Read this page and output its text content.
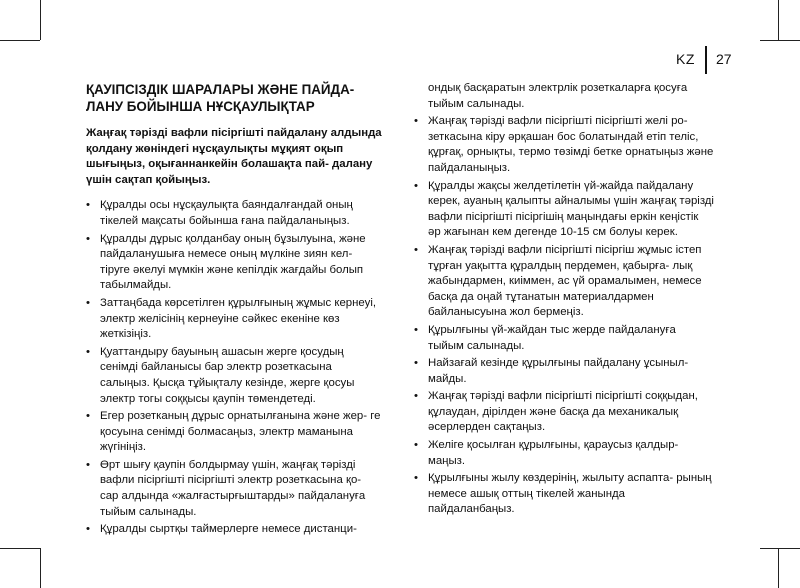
KZ 27
ҚАУІПСІЗДІК ШАРАЛАРЫ ЖӘНЕ ПАЙДА- ЛАНУ БОЙЫНША НҰСҚАУЛЫҚТАР
Жаңғақ тәрізді вафли пісіргішті пайдалану алдында қолдану жөніндегі нұсқаулықты мұқият оқып шығыңыз, оқығаннанкейін болашақта пай- далану үшін сақтап қойыңыз.
• Құралды осы нұсқаулықта баяндалғандай оның тікелей мақсаты бойынша ғана пайдаланыңыз.
• Құралды дұрыс қолданбау оның бұзылуына, және пайдаланушыға немесе оның мүлкіне зиян кел- тіруге әкелуі мүмкін және кепілдік жағдайы болып табылмайды.
• Заттаңбада көрсетілген құрылғының жұмыс кернеуі, электр желісінің кернеуіне сәйкес екеніне көз жеткізіңіз.
• Қуаттандыру бауының ашасын жерге қосудың сенімді байланысы бар электр розеткасына салыңыз. Қысқа тұйықталу кезінде, жерге қосуы электр тогы соққысы қаупін төмендетеді.
• Егер розетканың дұрыс орнатылғанына және жер- ге қосуына сенімді болмасаңыз, электр маманына жүгініңіз.
• Өрт шығу қаупін болдырмау үшін, жаңғақ тәрізді вафли пісіргішті пісіргішті электр розеткасына қо- сар алдында «жалғастырғыштарды» пайдалануға тыйым салынады.
• Құралды сыртқы таймерлерге немесе дистанци-
ондық басқаратын электрлік розеткаларға қосуға тыйым салынады.
• Жаңғақ тәрізді вафли пісіргішті пісіргішті желі ро- зеткасына кіру әрқашан бос болатындай етіп теліс, құрғақ, орнықты, термо төзімді бетке орнатыңыз және пайдаланыңыз.
• Құралды жақсы желдетілетін үй-жайда пайдалану керек, ауаның қалыпты айналымы үшін жаңғақ тәрізді вафли пісіргішті пісіргішің маңындағы еркін кеңістік әр жағынан кем дегенде 10-15 см болуы керек.
• Жаңғақ тәрізді вафли пісіргішті пісіргіш жұмыс істеп тұрған уақытта құралдың пердемен, қабырға- лық жабындармен, киіммен, ас үй орамалымен, немесе басқа да оңай тұтанатын материалдармен байланысуына жол бермеңіз.
• Құрылғыны үй-жайдан тыс жерде пайдалануға тыйым салынады.
• Найзағай кезінде құрылғыны пайдалану ұсыныл- майды.
• Жаңғақ тәрізді вафли пісіргішті пісіргішті соққыдан, құлаудан, дірілден және басқа да механикалық әсерлерден сақтаңыз.
• Желіге қосылған құрылғыны, қараусыз қалдыр- маңыз.
• Құрылғыны жылу көздерінің, жылыту аспапта- рының немесе ашық оттың тікелей жанында пайдаланбаңыз.
